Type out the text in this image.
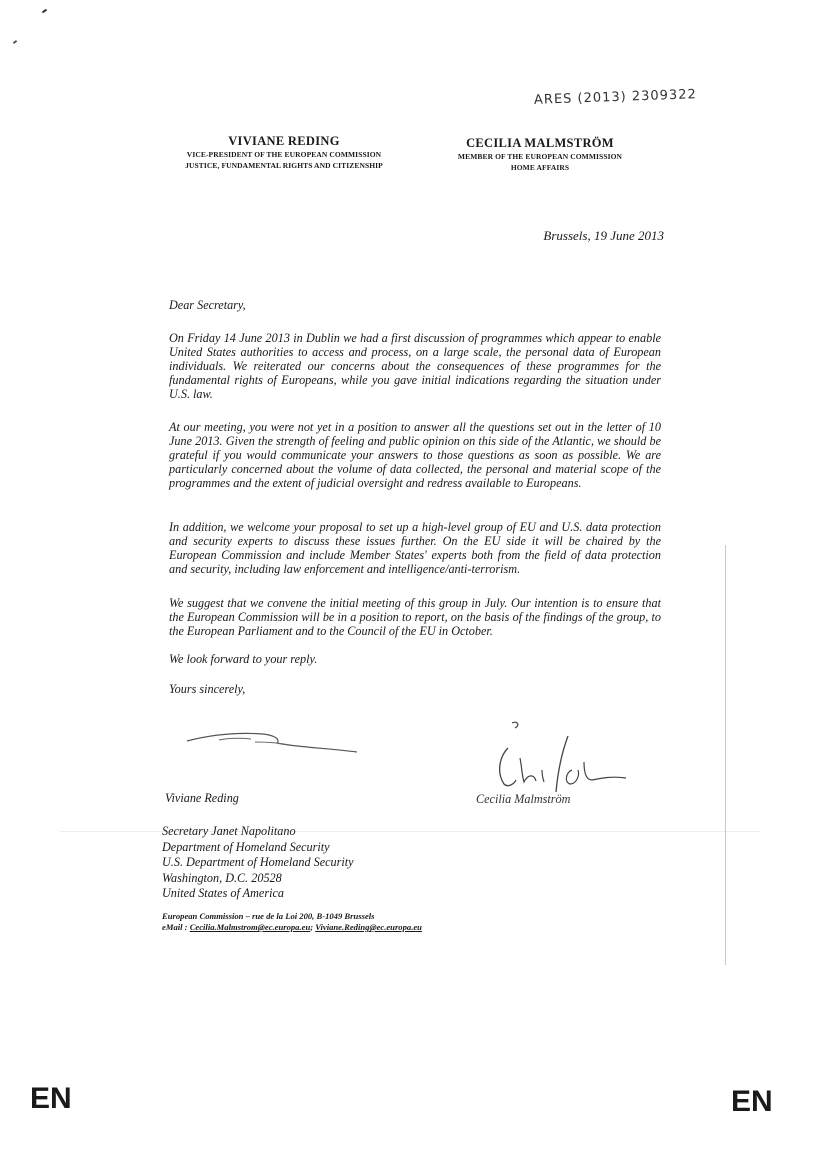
ARES (2013) 2309322
VIVIANE REDING
VICE-PRESIDENT OF THE EUROPEAN COMMISSION
JUSTICE, FUNDAMENTAL RIGHTS AND CITIZENSHIP
CECILIA MALMSTRÖM
MEMBER OF THE EUROPEAN COMMISSION
HOME AFFAIRS
Brussels, 19 June 2013
Dear Secretary,
On Friday 14 June 2013 in Dublin we had a first discussion of programmes which appear to enable United States authorities to access and process, on a large scale, the personal data of European individuals. We reiterated our concerns about the consequences of these programmes for the fundamental rights of Europeans, while you gave initial indications regarding the situation under U.S. law.
At our meeting, you were not yet in a position to answer all the questions set out in the letter of 10 June 2013. Given the strength of feeling and public opinion on this side of the Atlantic, we should be grateful if you would communicate your answers to those questions as soon as possible. We are particularly concerned about the volume of data collected, the personal and material scope of the programmes and the extent of judicial oversight and redress available to Europeans.
In addition, we welcome your proposal to set up a high-level group of EU and U.S. data protection and security experts to discuss these issues further. On the EU side it will be chaired by the European Commission and include Member States' experts both from the field of data protection and security, including law enforcement and intelligence/anti-terrorism.
We suggest that we convene the initial meeting of this group in July. Our intention is to ensure that the European Commission will be in a position to report, on the basis of the findings of the group, to the European Parliament and to the Council of the EU in October.
We look forward to your reply.
Yours sincerely,
Viviane Reding	Cecilia Malmström
Secretary Janet Napolitano
Department of Homeland Security
U.S. Department of Homeland Security
Washington, D.C. 20528
United States of America
European Commission – rue de la Loi 200, B-1049 Brussels
eMail : Cecilia.Malmstrom@ec.europa.eu; Viviane.Reding@ec.europa.eu
EN	EN
